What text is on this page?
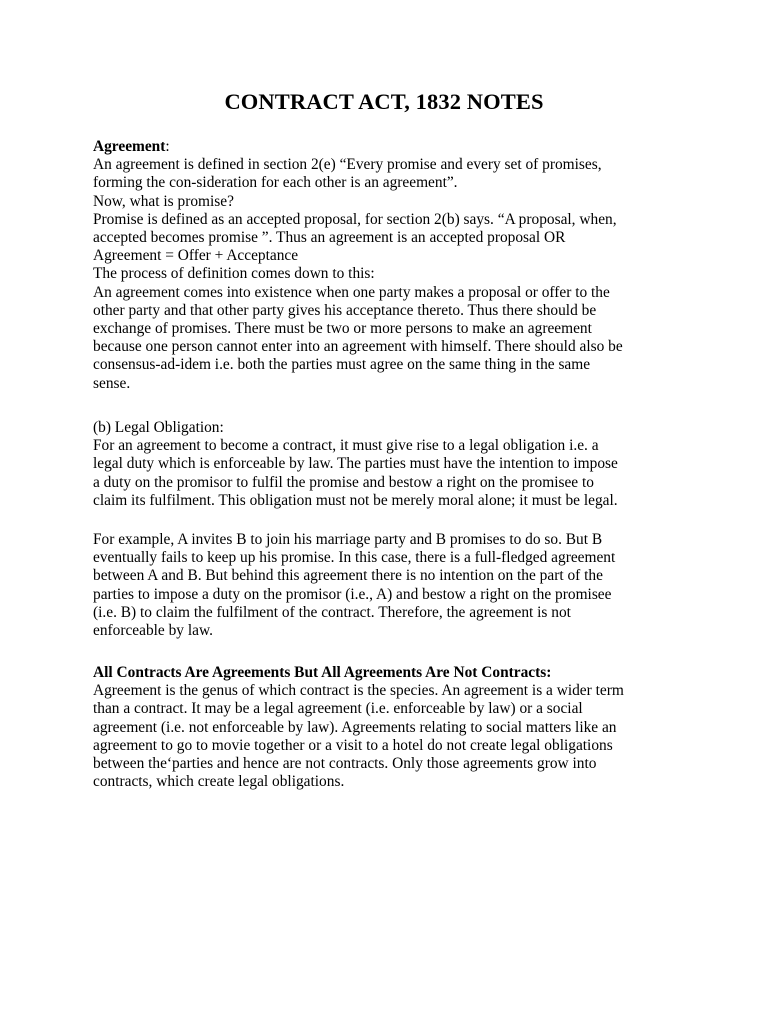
CONTRACT ACT, 1832 NOTES
Agreement:
An agreement is defined in section 2(e) “Every promise and every set of promises,
forming the con-sideration for each other is an agreement”.
Now, what is promise?
Promise is defined as an accepted proposal, for section 2(b) says. “A proposal, when,
accepted becomes promise ”. Thus an agreement is an accepted proposal OR
Agreement = Offer + Acceptance
The process of definition comes down to this:
An agreement comes into existence when one party makes a proposal or offer to the
other party and that other party gives his acceptance thereto. Thus there should be
exchange of promises. There must be two or more persons to make an agreement
because one person cannot enter into an agreement with himself. There should also be
consensus-ad-idem i.e. both the parties must agree on the same thing in the same
sense.
(b) Legal Obligation:
For an agreement to become a contract, it must give rise to a legal obligation i.e. a
legal duty which is enforceable by law. The parties must have the intention to impose
a duty on the promisor to fulfil the promise and bestow a right on the promisee to
claim its fulfilment. This obligation must not be merely moral alone; it must be legal.
For example, A invites B to join his marriage party and B promises to do so. But B
eventually fails to keep up his promise. In this case, there is a full-fledged agreement
between A and B. But behind this agreement there is no intention on the part of the
parties to impose a duty on the promisor (i.e., A) and bestow a right on the promisee
(i.e. B) to claim the fulfilment of the contract. Therefore, the agreement is not
enforceable by law.
All Contracts Are Agreements But All Agreements Are Not Contracts:
Agreement is the genus of which contract is the species. An agreement is a wider term
than a contract. It may be a legal agreement (i.e. enforceable by law) or a social
agreement (i.e. not enforceable by law). Agreements relating to social matters like an
agreement to go to movie together or a visit to a hotel do not create legal obligations
between the‘parties and hence are not contracts. Only those agreements grow into
contracts, which create legal obligations.
